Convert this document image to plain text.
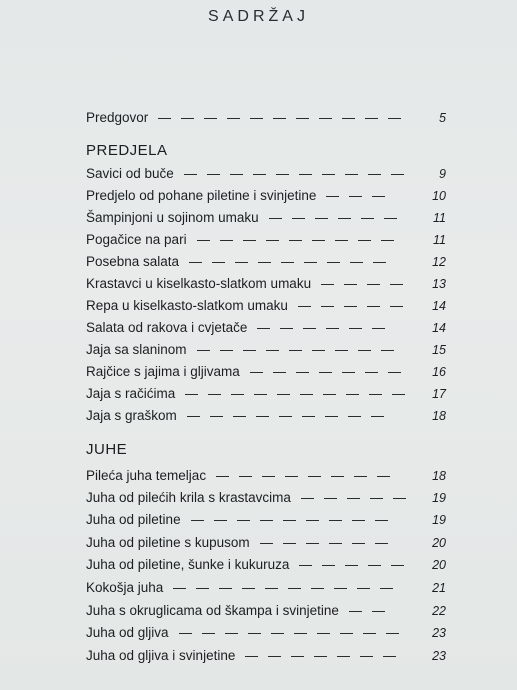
SADRŽAJ
Predgovor	5
PREDJELA
Savici od buče	9
Predjelo od pohane piletine i svinjetine	10
Šampinjoni u sojinom umaku	11
Pogačice na pari	11
Posebna salata	12
Krastavci u kiselkasto-slatkom umaku	13
Repa u kiselkasto-slatkom umaku	14
Salata od rakova i cvjetače	14
Jaja sa slaninom	15
Rajčice s jajima i gljivama	16
Jaja s račićima	17
Jaja s graškom	18
JUHE
Pileća juha temeljac	18
Juha od pilećih krila s krastavcima	19
Juha od piletine	19
Juha od piletine s kupusom	20
Juha od piletine, šunke i kukuruza	20
Kokošja juha	21
Juha s okruglicama od škampa i svinjetine	22
Juha od gljiva	23
Juha od gljiva i svinjetine	23
